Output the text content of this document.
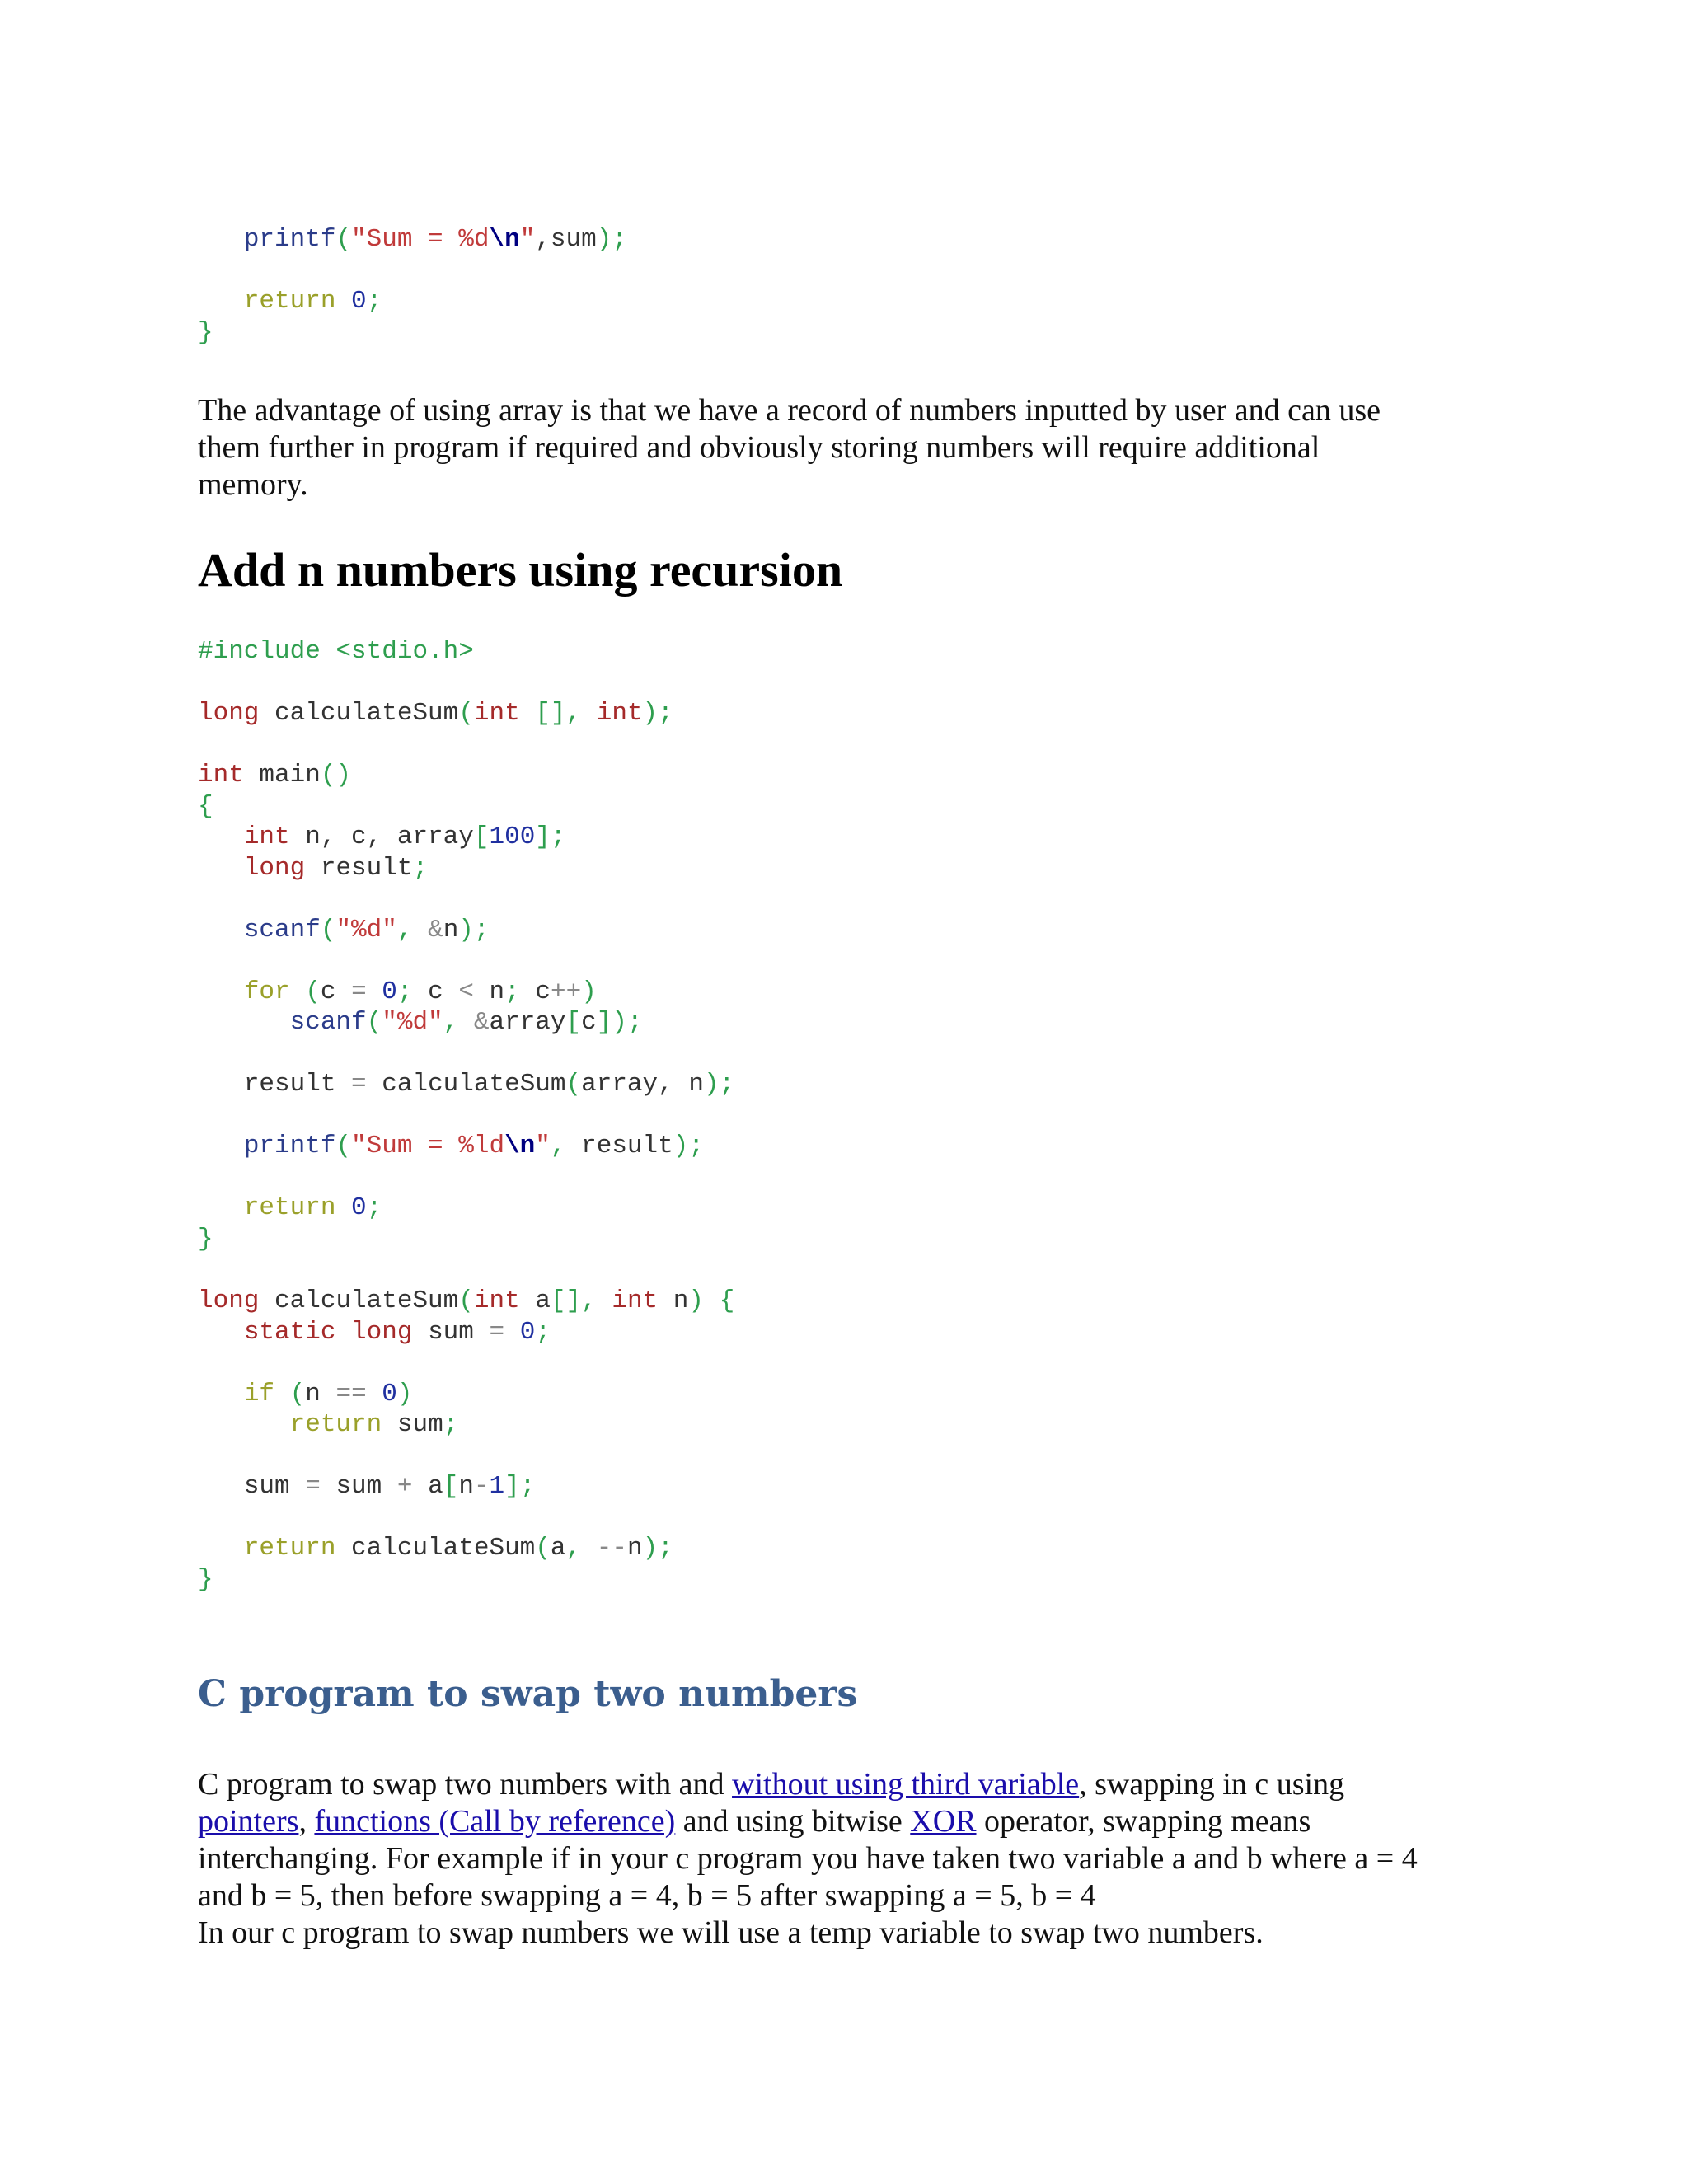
printf("Sum = %d\n",sum);
return 0;
}

The advantage of using array is that we have a record of numbers inputted by user and can use
them further in program if required and obviously storing numbers will require additional
memory.

Add n numbers using recursion
#include <stdio.h>
long calculateSum(int [], int);
int main()
{
int n, c, array[100];
long result;
scanf("%d", &n);
for (c = 0; c < n; c++)
scanf("%d", &array[c]);
result = calculateSum(array, n);
printf("Sum = %ld\n", result);
return 0;
}
long calculateSum(int a[], int n) {
static long sum = 0;
if (n == 0)
return sum;
sum = sum + a[n-1];
return calculateSum(a, --n);
}
C program to swap two numbers

C program to swap two numbers with and without using third variable, swapping in c using
pointers, functions (Call by reference) and using bitwise XOR operator, swapping means
interchanging. For example if in your c program you have taken two variable a and b where a = 4
and b = 5, then before swapping a = 4, b = 5 after swapping a = 5, b = 4
In our c program to swap numbers we will use a temp variable to swap two numbers.
